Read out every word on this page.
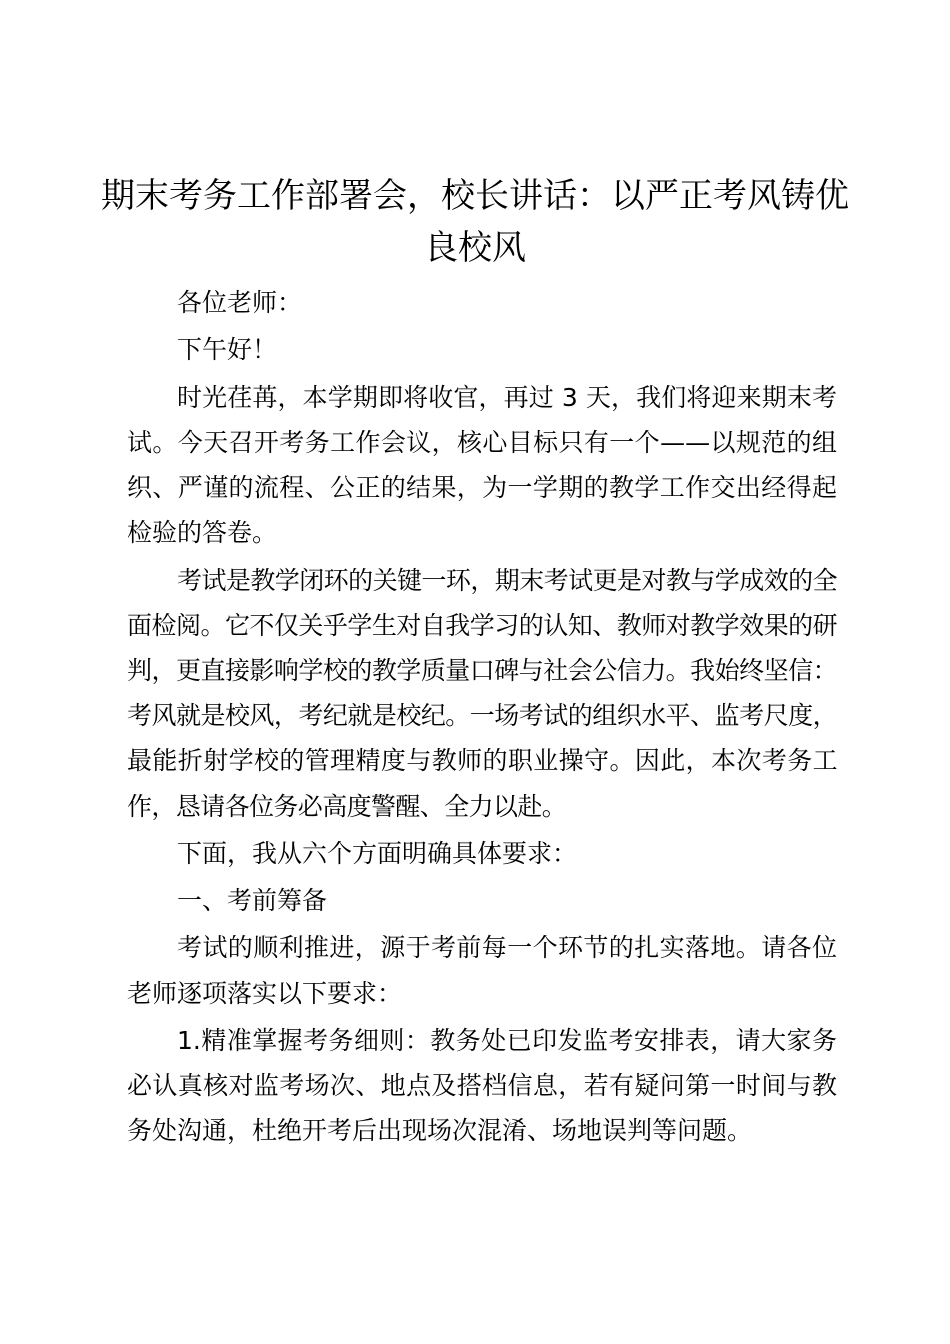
期末考务工作部署会，校长讲话：以严正考风铸优良校风

各位老师：

下午好！

时光荏苒，本学期即将收官，再过 3 天，我们将迎来期末考试。今天召开考务工作会议，核心目标只有一个——以规范的组织、严谨的流程、公正的结果，为一学期的教学工作交出经得起检验的答卷。

考试是教学闭环的关键一环，期末考试更是对教与学成效的全面检阅。它不仅关乎学生对自我学习的认知、教师对教学效果的研判，更直接影响学校的教学质量口碑与社会公信力。我始终坚信：考风就是校风，考纪就是校纪。一场考试的组织水平、监考尺度，最能折射学校的管理精度与教师的职业操守。因此，本次考务工作，恳请各位务必高度警醒、全力以赴。

下面，我从六个方面明确具体要求：

一、考前筹备

考试的顺利推进，源于考前每一个环节的扎实落地。请各位老师逐项落实以下要求：

1.精准掌握考务细则：教务处已印发监考安排表，请大家务必认真核对监考场次、地点及搭档信息，若有疑问第一时间与教务处沟通，杜绝开考后出现场次混淆、场地误判等问题。
